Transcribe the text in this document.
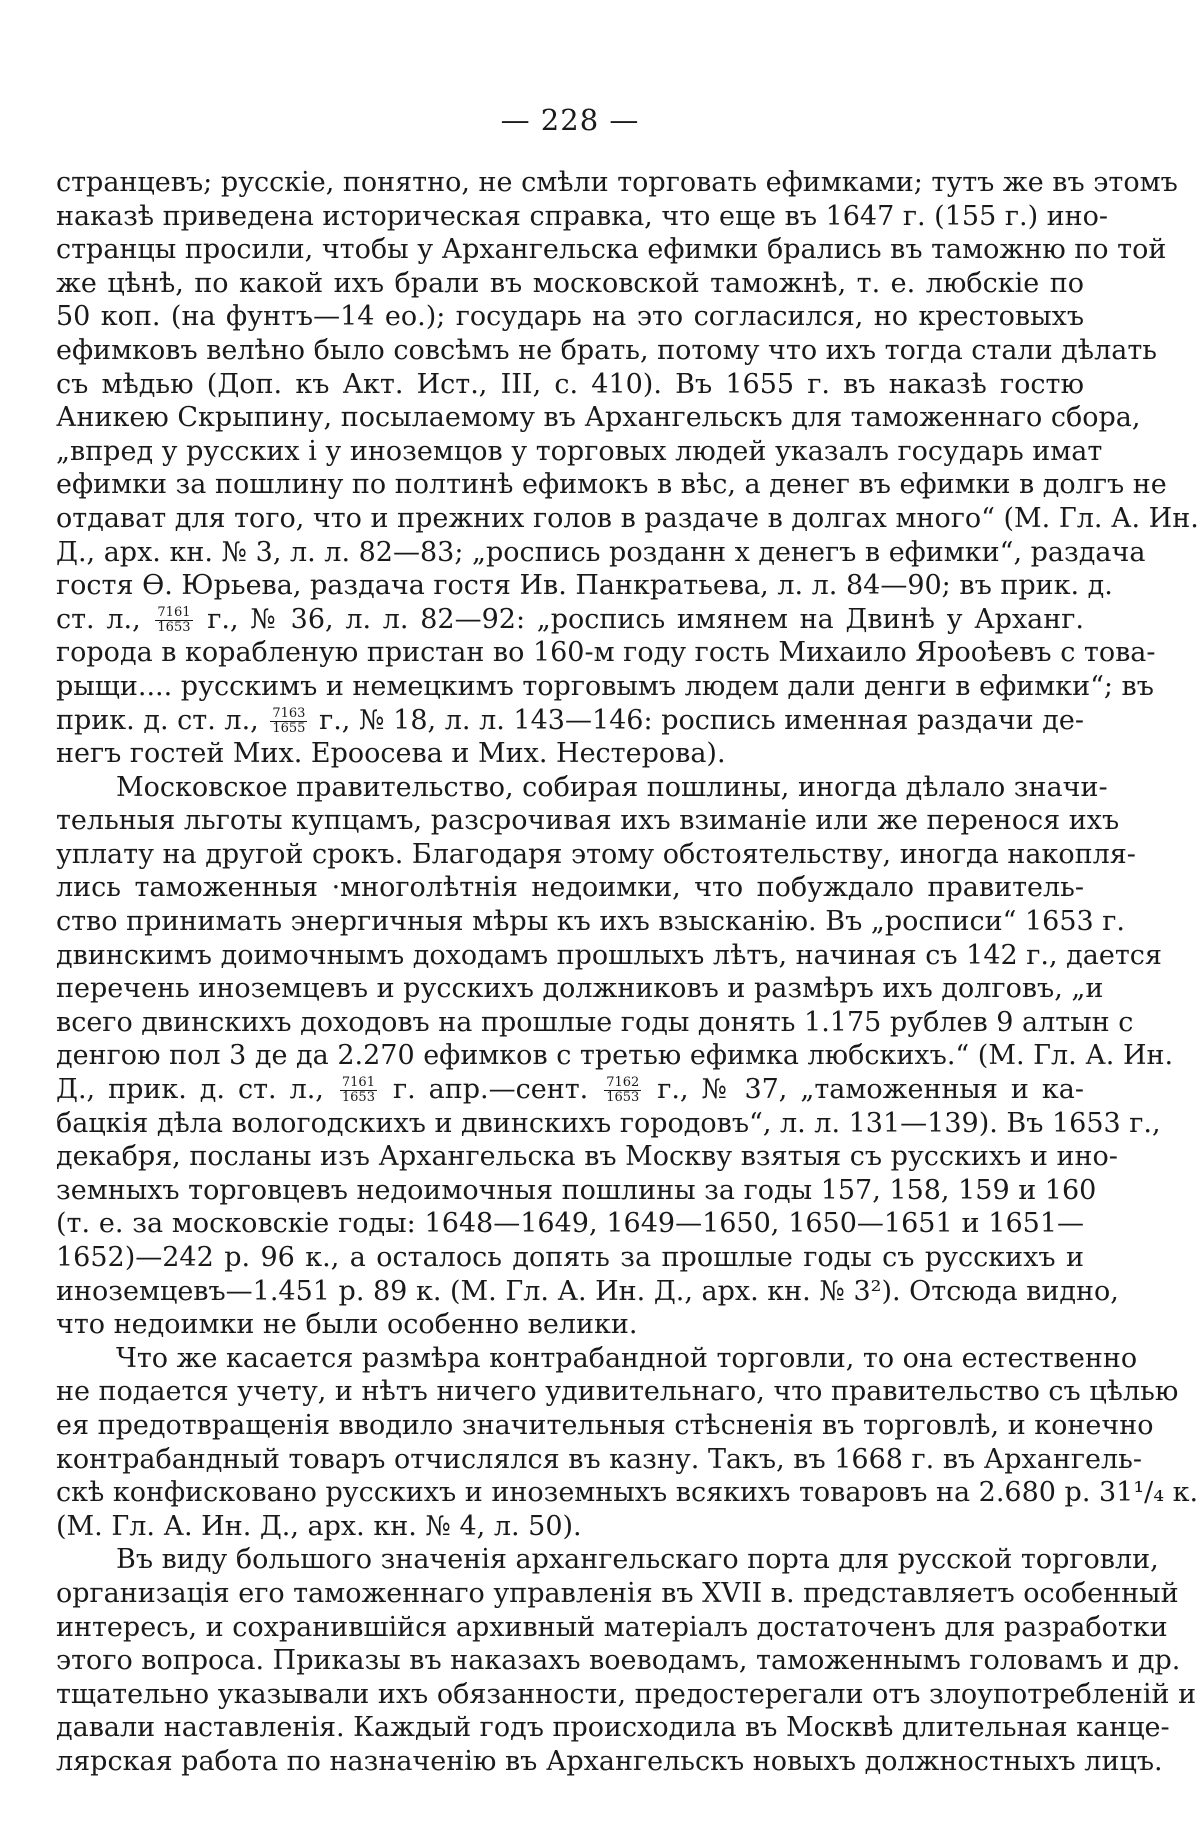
— 228 —
странцевъ; русскіе, понятно, не смѣли торговать ефимками; тутъ же въ этомъ
наказѣ приведена историческая справка, что еще въ 1647 г. (155 г.) ино-
странцы просили, чтобы у Архангельска ефимки брались въ таможню по той
же цѣнѣ, по какой ихъ брали въ московской таможнѣ, т. е. любскіе по
50 коп. (на фунтъ—14 ео.); государь на это согласился, но крестовыхъ
ефимковъ велѣно было совсѣмъ не брать, потому что ихъ тогда стали дѣлать
съ мѣдью (Доп. къ Акт. Ист., III, с. 410). Въ 1655 г. въ наказѣ гостю
Аникею Скрыпину, посылаемому въ Архангельскъ для таможеннаго сбора,
„впред у русских і у иноземцов у торговых людей указалъ государь имат
ефимки за пошлину по полтинѣ ефимокъ в вѣс, а денег въ ефимки в долгъ не
отдават для того, что и прежних голов в раздаче в долгах много“ (М. Гл. А. Ин.
Д., арх. кн. № 3, л. л. 82—83; „роспись розданн х денегъ в ефимки“, раздача
гостя Ѳ. Юрьева, раздача гостя Ив. Панкратьева, л. л. 84—90; въ прик. д.
ст. л., $\frac{7161}{1653} г$., № 36, л. л. 82—92: „роспись имянем на Двинѣ у Арханг.
города в корабленую пристан во 160-м году гость Михаило Ярооѣевъ с това-
рыщи.... русскимъ и немецкимъ торговымъ людем дали денги в ефимки“; въ
прик. д. ст. л., $\frac{7163}{1655} г$., № 18, л. л. 143—146: роспись именная раздачи де-
негъ гостей Мих. Ероосева и Мих. Нестерова).
Московское правительство, собирая пошлины, иногда дѣлало значи-
тельныя льготы купцамъ, разсрочивая ихъ взиманіе или же перенося ихъ
уплату на другой срокъ. Благодаря этому обстоятельству, иногда накопля-
лись таможенныя ·многолѣтнія недоимки, что побуждало правитель-
ство принимать энергичныя мѣры къ ихъ взысканію. Въ „росписи“ 1653 г.
двинскимъ доимочнымъ доходамъ прошлыхъ лѣтъ, начиная съ 142 г., дается
перечень иноземцевъ и русскихъ должниковъ и размѣръ ихъ долговъ, „и
всего двинскихъ доходовъ на прошлые годы донять 1.175 рублев 9 алтын с
денгою пол 3 де да 2.270 ефимков с третью ефимка любскихъ.“ (М. Гл. А. Ин.
Д., прик. д. ст. л., $\frac{7161}{1653} г$. апр.—сент. $\frac{7162}{1653} г$., № 37, „таможенныя и ка-
бацкія дѣла вологодскихъ и двинскихъ городовъ“, л. л. 131—139). Въ 1653 г.,
декабря, посланы изъ Архангельска въ Москву взятыя съ русскихъ и ино-
земныхъ торговцевъ недоимочныя пошлины за годы 157, 158, 159 и 160
(т. е. за московскіе годы: 1648—1649, 1649—1650, 1650—1651 и 1651—
1652)—242 р. 96 к., а осталось допять за прошлые годы съ русскихъ и
иноземцевъ—1.451 р. 89 к. (М. Гл. А. Ин. Д., арх. кн. № 3²). Отсюда видно,
что недоимки не были особенно велики.
Что же касается размѣра контрабандной торговли, то она естественно
не подается учету, и нѣтъ ничего удивительнаго, что правительство съ цѣлью
ея предотвращенія вводило значительныя стѣсненія въ торговлѣ, и конечно
контрабандный товаръ отчислялся въ казну. Такъ, въ 1668 г. въ Архангель-
скѣ конфисковано русскихъ и иноземныхъ всякихъ товаровъ на 2.680 р. 31¹/₄ к.
(М. Гл. А. Ин. Д., арх. кн. № 4, л. 50).
Въ виду большого значенія архангельскаго порта для русской торговли,
организація его таможеннаго управленія въ XVII в. представляетъ особенный
интересъ, и сохранившійся архивный матеріалъ достаточенъ для разработки
этого вопроса. Приказы въ наказахъ воеводамъ, таможеннымъ головамъ и др.
тщательно указывали ихъ обязанности, предостерегали отъ злоупотребленій и
давали наставленія. Каждый годъ происходила въ Москвѣ длительная канце-
лярская работа по назначенію въ Архангельскъ новыхъ должностныхъ лицъ.
